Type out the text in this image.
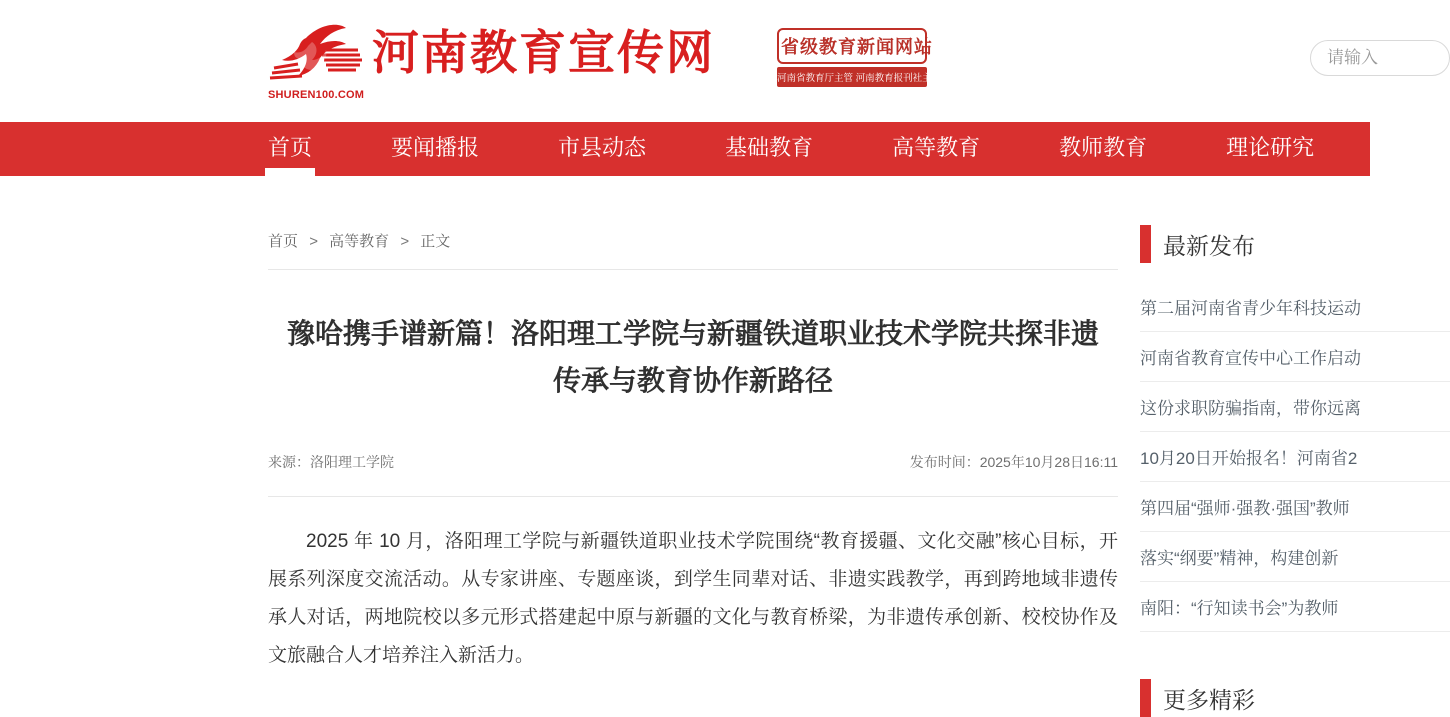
SHUREN100.COM
河南教育宣传网	省级教育新闻网站
河南省教育厅主管 河南教育报刊社主办
请输入
首页	要闻播报	市县动态	基础教育	高等教育	教师教育	理论研究
首页 > 高等教育 > 正文
豫哈携手谱新篇！洛阳理工学院与新疆铁道职业技术学院共探非遗传承与教育协作新路径
来源：洛阳理工学院	发布时间：2025年10月28日16:11

2025 年 10 月，洛阳理工学院与新疆铁道职业技术学院围绕“教育援疆、文化交融”核心目标，开展系列深度交流活动。从专家讲座、专题座谈，到学生同辈对话、非遗实践教学，再到跨地域非遗传承人对话，两地院校以多元形式搭建起中原与新疆的文化与教育桥梁，为非遗传承创新、校校协作及文旅融合人才培养注入新活力。

最新发布
第二届河南省青少年科技运动
河南省教育宣传中心工作启动
这份求职防骗指南，带你远离
10月20日开始报名！河南省2
第四届“强师·强教·强国”教师
落实“纲要”精神，构建创新
南阳：“行知读书会”为教师
更多精彩
